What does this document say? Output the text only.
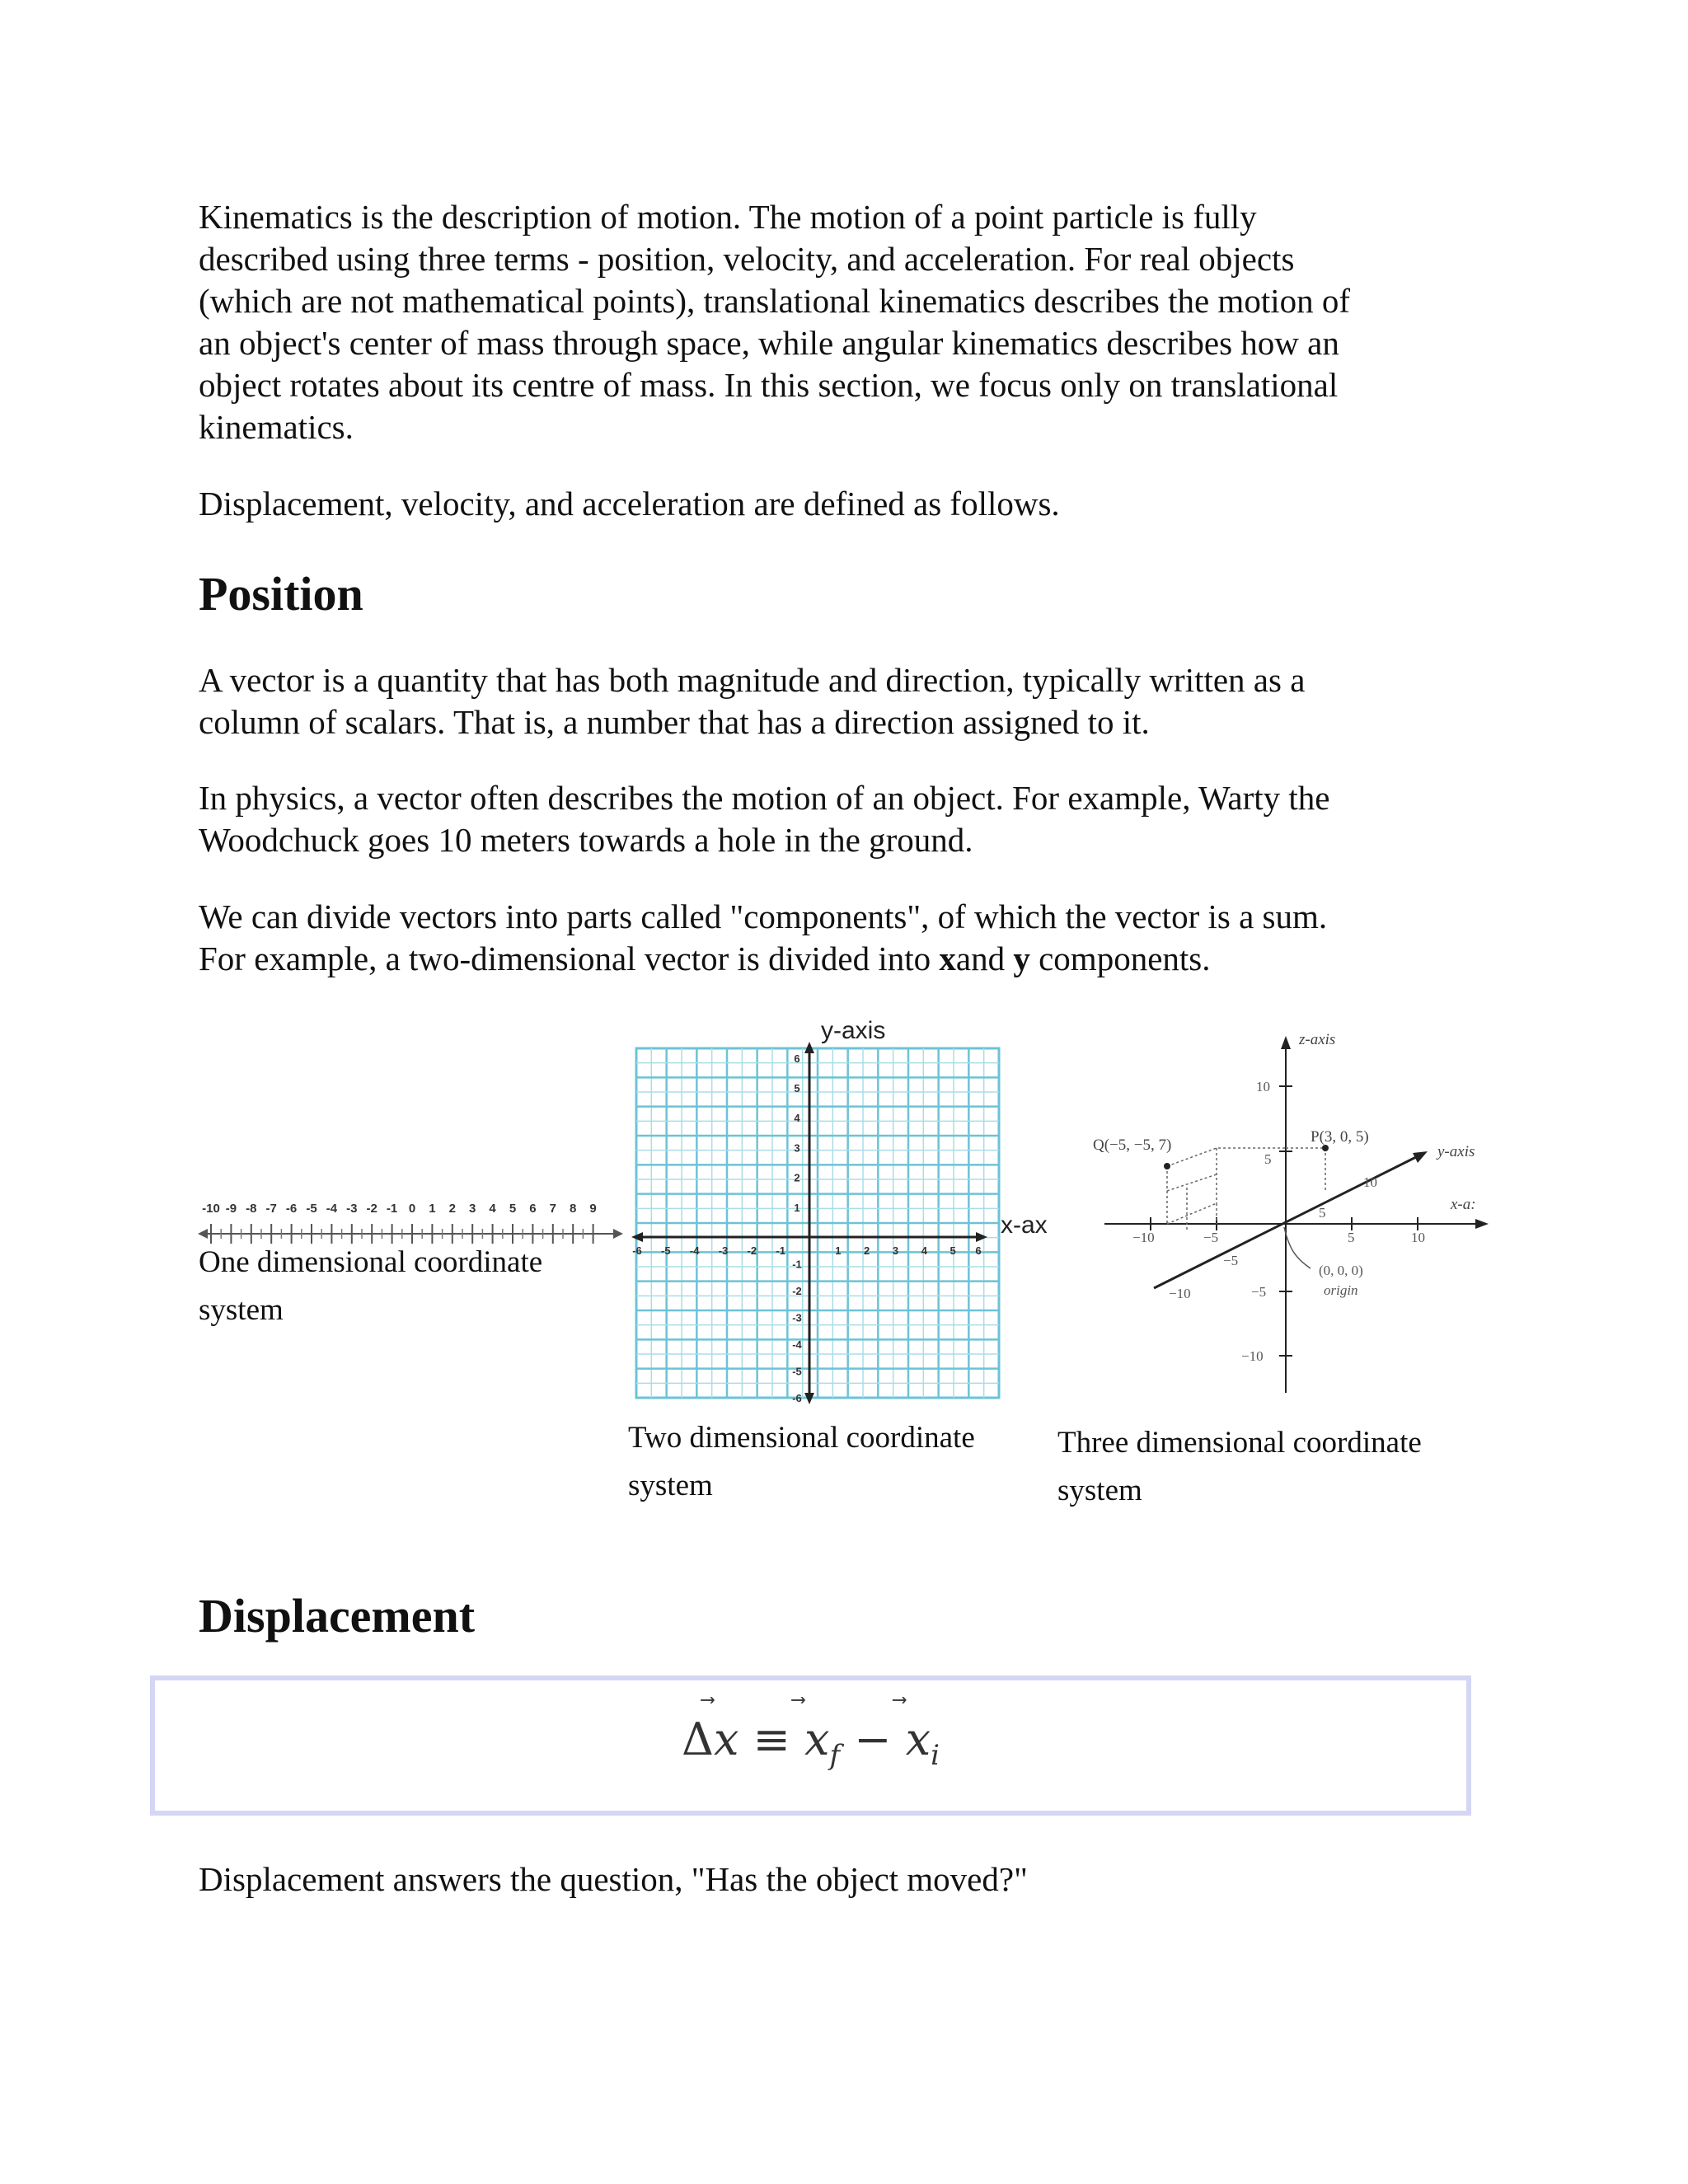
Kinematics is the description of motion. The motion of a point particle is fully

described using three terms - position, velocity, and acceleration. For real objects

(which are not mathematical points), translational kinematics describes the motion of

an object's center of mass through space, while angular kinematics describes how an

object rotates about its centre of mass. In this section, we focus only on translational

kinematics.

Displacement, velocity, and acceleration are defined as follows.

Position

A vector is a quantity that has both magnitude and direction, typically written as a

column of scalars. That is, a number that has a direction assigned to it.

In physics, a vector often describes the motion of an object. For example, Warty the

Woodchuck goes 10 meters towards a hole in the ground.

We can divide vectors into parts called "components", of which the vector is a sum.

For example, a two-dimensional vector is divided into xand y components.

-10 -9 -8 -7 -6 -5 -4 -3 -2 -1 0 1 2 3 4 5 6 7 8 9

One dimensional coordinate

system

y-axis
x-ax
-6 -5 -4 -3 -2 -1	1 2 3 4 5 6
6
5
4
3
2
1
-1
-2
-3
-4
-5
-6

Two dimensional coordinate

system

z-axis
x-a:
y-axis
10
5
−5
−10
−10	−5	5	10
10
−5
−10
5
Q(−5, −5, 7)	P(3, 0, 5)
(0, 0, 0)
origin

Three dimensional coordinate

system

Displacement
Δx ≡ x
$_f$ − x
$_i$

Displacement answers the question, "Has the object moved?"
